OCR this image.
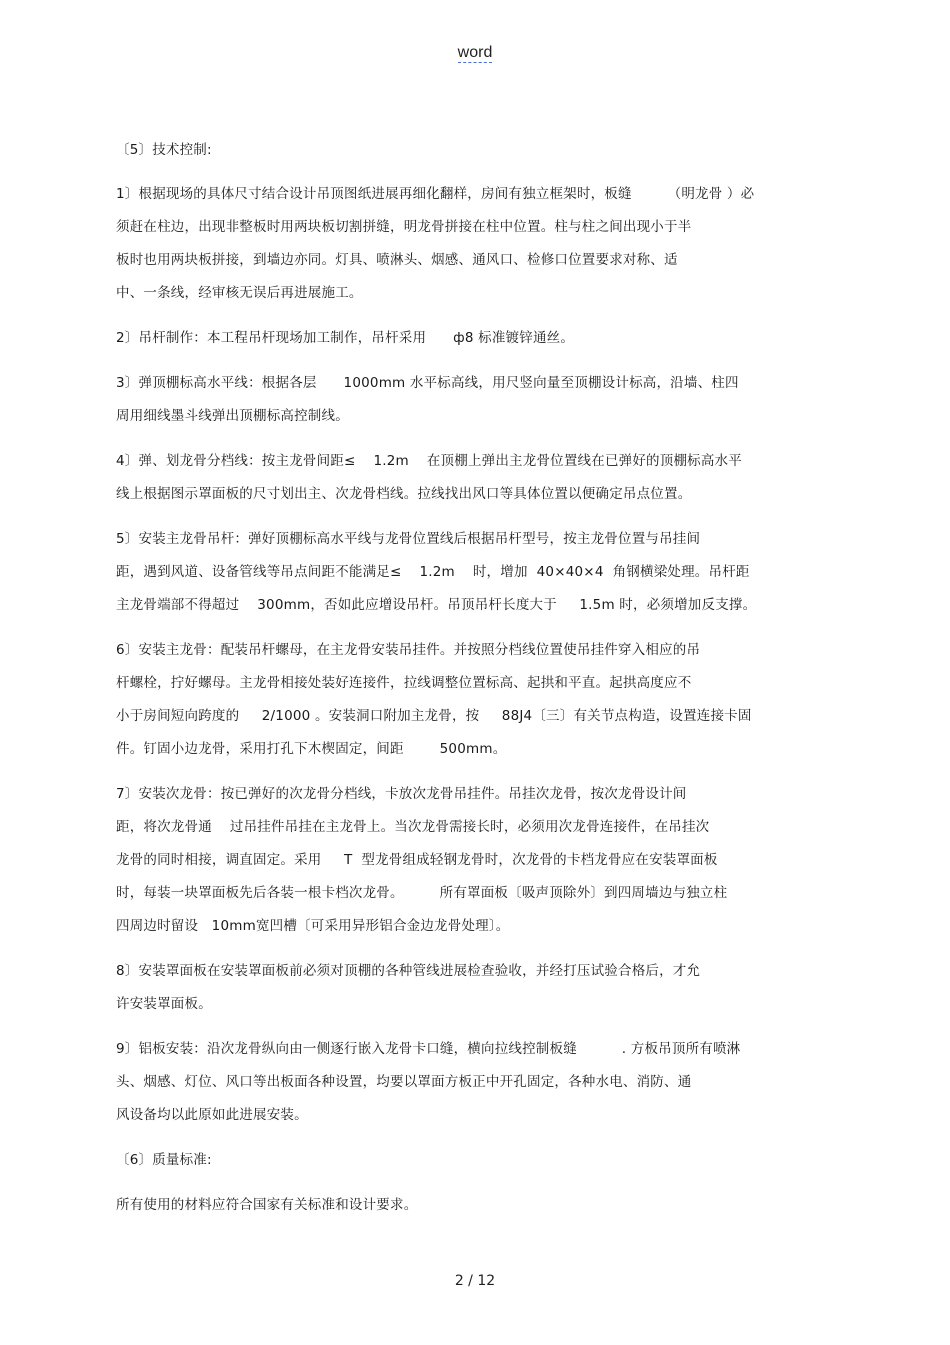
word
〔5〕技术控制:
1〕根据现场的具体尺寸结合设计吊顶图纸进展再细化翻样，房间有独立框架时，板缝        （明龙骨 ）必
须赶在柱边，出现非整板时用两块板切割拼缝，明龙骨拼接在柱中位置。柱与柱之间出现小于半
板时也用两块板拼接，到墙边亦同。灯具、喷淋头、烟感、通风口、检修口位置要求对称、适
中、一条线，经审核无误后再进展施工。
2〕吊杆制作：本工程吊杆现场加工制作，吊杆采用      ф8 标准镀锌通丝。
3〕弹顶棚标高水平线：根据各层      1000mm 水平标高线，用尺竖向量至顶棚设计标高，沿墙、柱四
周用细线墨斗线弹出顶棚标高控制线。
4〕弹、划龙骨分档线：按主龙骨间距≤    1.2m    在顶棚上弹出主龙骨位置线在已弹好的顶棚标高水平
线上根据图示罩面板的尺寸划出主、次龙骨档线。拉线找出风口等具体位置以便确定吊点位置。
5〕安装主龙骨吊杆：弹好顶棚标高水平线与龙骨位置线后根据吊杆型号，按主龙骨位置与吊挂间
距，遇到风道、设备管线等吊点间距不能满足≤    1.2m    时，增加  40×40×4  角钢横梁处理。吊杆距
主龙骨端部不得超过    300mm，否如此应增设吊杆。吊顶吊杆长度大于     1.5m 时，必须增加反支撑。
6〕安装主龙骨：配装吊杆螺母，在主龙骨安装吊挂件。并按照分档线位置使吊挂件穿入相应的吊
杆螺栓，拧好螺母。主龙骨相接处装好连接件，拉线调整位置标高、起拱和平直。起拱高度应不
小于房间短向跨度的     2/1000 。安装洞口附加主龙骨，按     88J4〔三〕有关节点构造，设置连接卡固
件。钉固小边龙骨，采用打孔下木楔固定，间距        500mm。
7〕安装次龙骨：按已弹好的次龙骨分档线，卡放次龙骨吊挂件。吊挂次龙骨，按次龙骨设计间
距，将次龙骨通    过吊挂件吊挂在主龙骨上。当次龙骨需接长时，必须用次龙骨连接件，在吊挂次
龙骨的同时相接，调直固定。采用     T  型龙骨组成轻钢龙骨时，次龙骨的卡档龙骨应在安装罩面板
时，每装一块罩面板先后各装一根卡档次龙骨。        所有罩面板〔吸声顶除外〕到四周墙边与独立柱
四周边时留设   10mm宽凹槽〔可采用异形铝合金边龙骨处理〕。
8〕安装罩面板在安装罩面板前必须对顶棚的各种管线进展检查验收，并经打压试验合格后，才允
许安装罩面板。
9〕铝板安装：沿次龙骨纵向由一侧逐行嵌入龙骨卡口缝，横向拉线控制板缝          . 方板吊顶所有喷淋
头、烟感、灯位、风口等出板面各种设置，均要以罩面方板正中开孔固定，各种水电、消防、通
风设备均以此原如此进展安装。
〔6〕质量标准:
所有使用的材料应符合国家有关标准和设计要求。
2 / 12
